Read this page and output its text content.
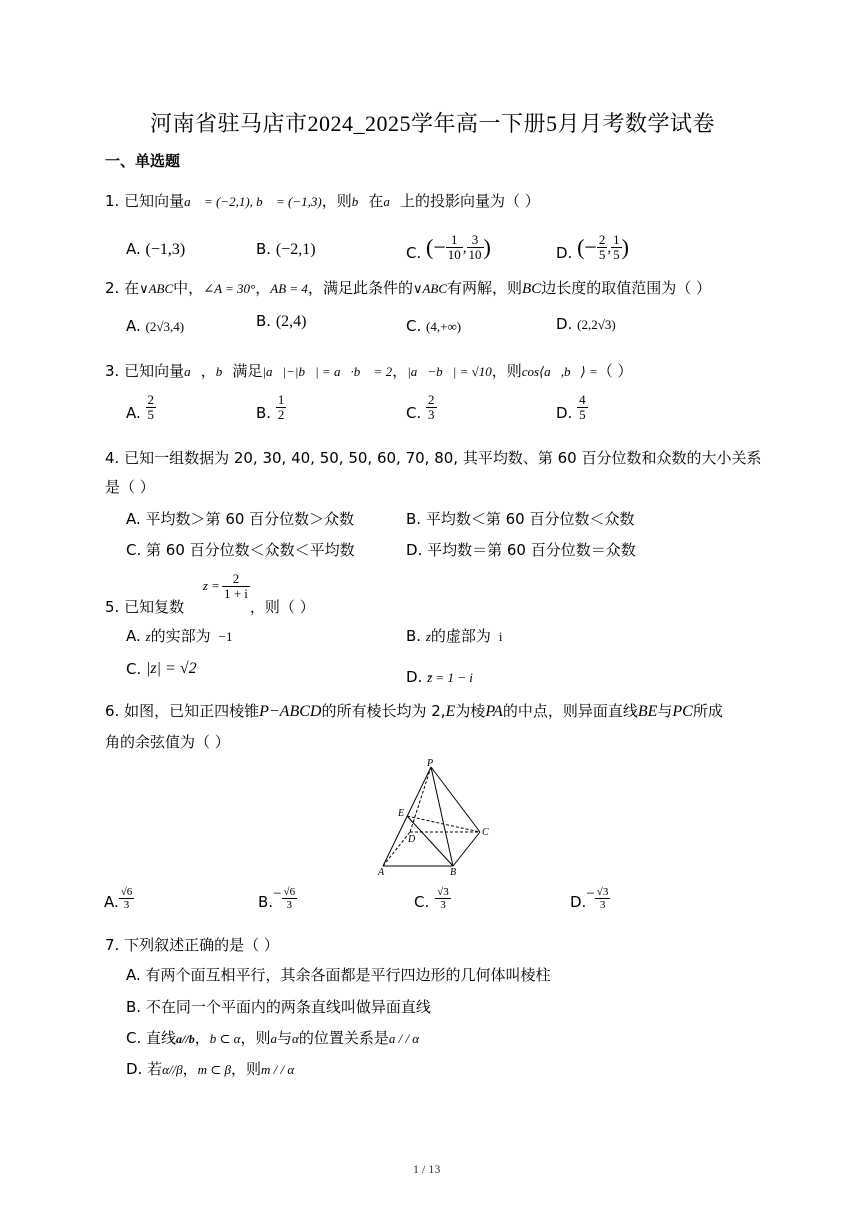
河南省驻马店市2024_2025学年高一下册5月月考数学试卷
一、单选题
1. 已知向量a⃗ = (−2,1), b⃗ = (−1,3)，则b⃗在a⃗上的投影向量为（ ）
A. (−1,3)	B. (−2,1)	C. (− $\frac{1}{10}$ , $\frac{3}{10}$ )	D. (− $\frac{2}{5}$ , $\frac{1}{5}$ )
2. 在∨ABC中，∠A = 30°，AB = 4，满足此条件的∨ABC有两解，则BC边长度的取值范围为（ ）
A. (2√3,4)	B. (2,4)	C. (4,+∞)	D. (2,2√3)
3. 已知向量a⃗，b⃗满足|a⃗|−|b⃗| = a⃗·b⃗ = 2，|a⃗−b⃗| = √10，则cos⟨a⃗,b⃗⟩ =（ ）
A. $\frac{2}{5}$	B. $\frac{1}{2}$	C. $\frac{2}{3}$	D. $\frac{4}{5}$
4. 已知一组数据为 20, 30, 40, 50, 50, 60, 70, 80, 其平均数、第 60 百分位数和众数的大小关系
是（ ）
A. 平均数＞第 60 百分位数＞众数	B. 平均数＜第 60 百分位数＜众数
C. 第 60 百分位数＜众数＜平均数	D. 平均数＝第 60 百分位数＝众数
5. 已知复数 $z = \frac{2}{1 + i}$
，则（ ）
A. z的实部为 −1	B. z的虚部为 i
C. |z| = √2	D. z̄ = 1 − i
6. 如图，已知正四棱锥P−ABCD的所有棱长均为 2,E为棱PA的中点，则异面直线BE与PC所成
角的余弦值为（ ）
P
E
D
C
A	B
A. $\frac{√6}{3}$	$B.- \frac{√6}{3}$	C. $\frac{√3}{3}$	$D.- \frac{√3}{3}$
7. 下列叙述正确的是（ ）
A. 有两个面互相平行，其余各面都是平行四边形的几何体叫棱柱
B. 不在同一个平面内的两条直线叫做异面直线
C. 直线a//b，b ⊂ α，则a与α的位置关系是a / / α
D. 若α//β，m ⊂ β，则m / / α
1 / 13
